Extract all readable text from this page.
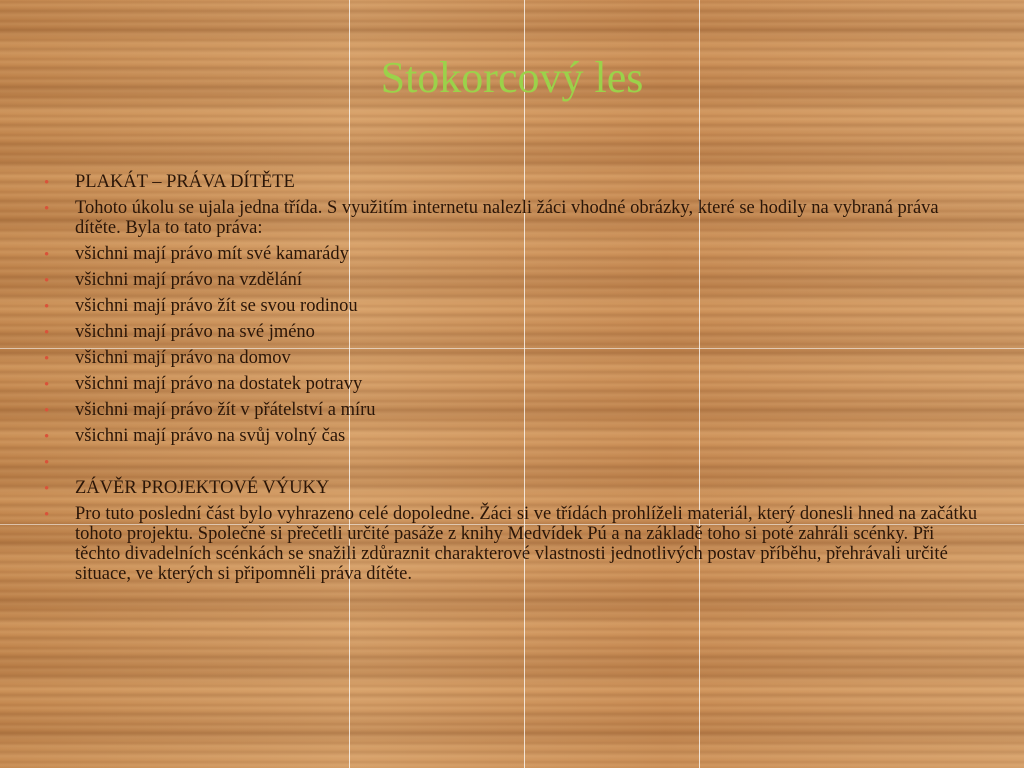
Stokorcový les
• PLAKÁT – PRÁVA DÍTĚTE
• Tohoto úkolu se ujala jedna třída. S využitím internetu nalezli žáci vhodné obrázky, které se hodily na vybraná práva dítěte. Byla to tato práva:
• všichni mají právo mít své kamarády
• všichni mají právo na vzdělání
• všichni mají právo žít se svou rodinou
• všichni mají právo na své jméno
• všichni mají právo na domov
• všichni mají právo na dostatek potravy
• všichni mají právo žít v přátelství a míru
• všichni mají právo na svůj volný čas
•
• ZÁVĚR PROJEKTOVÉ VÝUKY
• Pro tuto poslední část bylo vyhrazeno celé dopoledne. Žáci si ve třídách prohlíželi materiál, který donesli hned na začátku tohoto projektu. Společně si přečetli určité pasáže z knihy Medvídek Pú a na základě toho si poté zahráli scénky. Při těchto divadelních scénkách se snažili zdůraznit charakterové vlastnosti jednotlivých postav příběhu, přehrávali určité situace, ve kterých si připomněli práva dítěte.
